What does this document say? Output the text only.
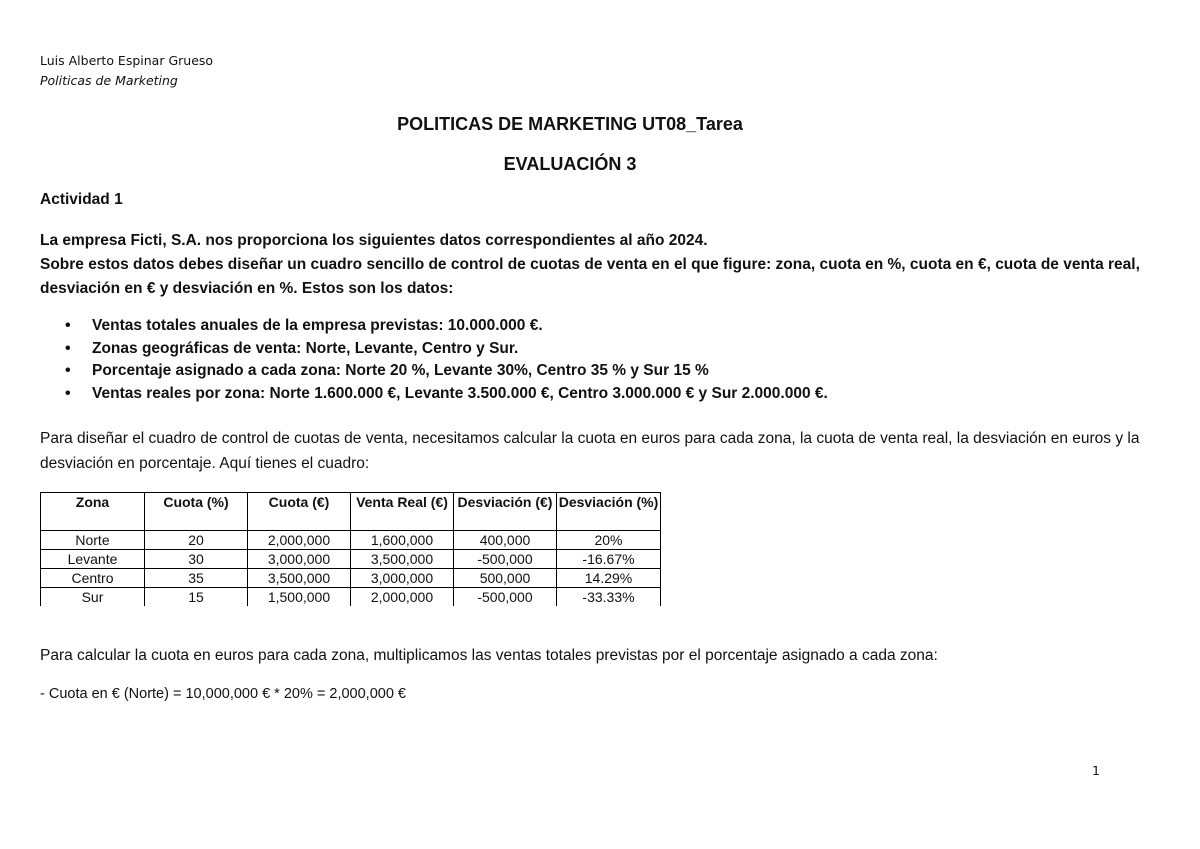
Luis Alberto Espinar Grueso
Politicas de Marketing
POLITICAS DE MARKETING UT08_Tarea
EVALUACIÓN 3
Actividad 1
La empresa Ficti, S.A. nos proporciona los siguientes datos correspondientes al año 2024.
Sobre estos datos debes diseñar un cuadro sencillo de control de cuotas de venta en el que figure: zona, cuota en %, cuota en €, cuota de venta real, desviación en € y desviación en %. Estos son los datos:
• Ventas totales anuales de la empresa previstas: 10.000.000 €.
• Zonas geográficas de venta: Norte, Levante, Centro y Sur.
• Porcentaje asignado a cada zona: Norte 20 %, Levante 30%, Centro 35 % y Sur 15 %
• Ventas reales por zona: Norte 1.600.000 €, Levante 3.500.000 €, Centro 3.000.000 € y Sur 2.000.000 €.
Para diseñar el cuadro de control de cuotas de venta, necesitamos calcular la cuota en euros para cada zona, la cuota de venta real, la desviación en euros y la desviación en porcentaje. Aquí tienes el cuadro:
Zona	Cuota (%)	Cuota (€)	Venta Real (€)	Desviación (€)	Desviación (%)
Norte	20	2,000,000	1,600,000	400,000	20%
Levante	30	3,000,000	3,500,000	-500,000	-16.67%
Centro	35	3,500,000	3,000,000	500,000	14.29%
Sur	15	1,500,000	2,000,000	-500,000	-33.33%
Para calcular la cuota en euros para cada zona, multiplicamos las ventas totales previstas por el porcentaje asignado a cada zona:
- Cuota en € (Norte) = 10,000,000 € * 20% = 2,000,000 €
1
